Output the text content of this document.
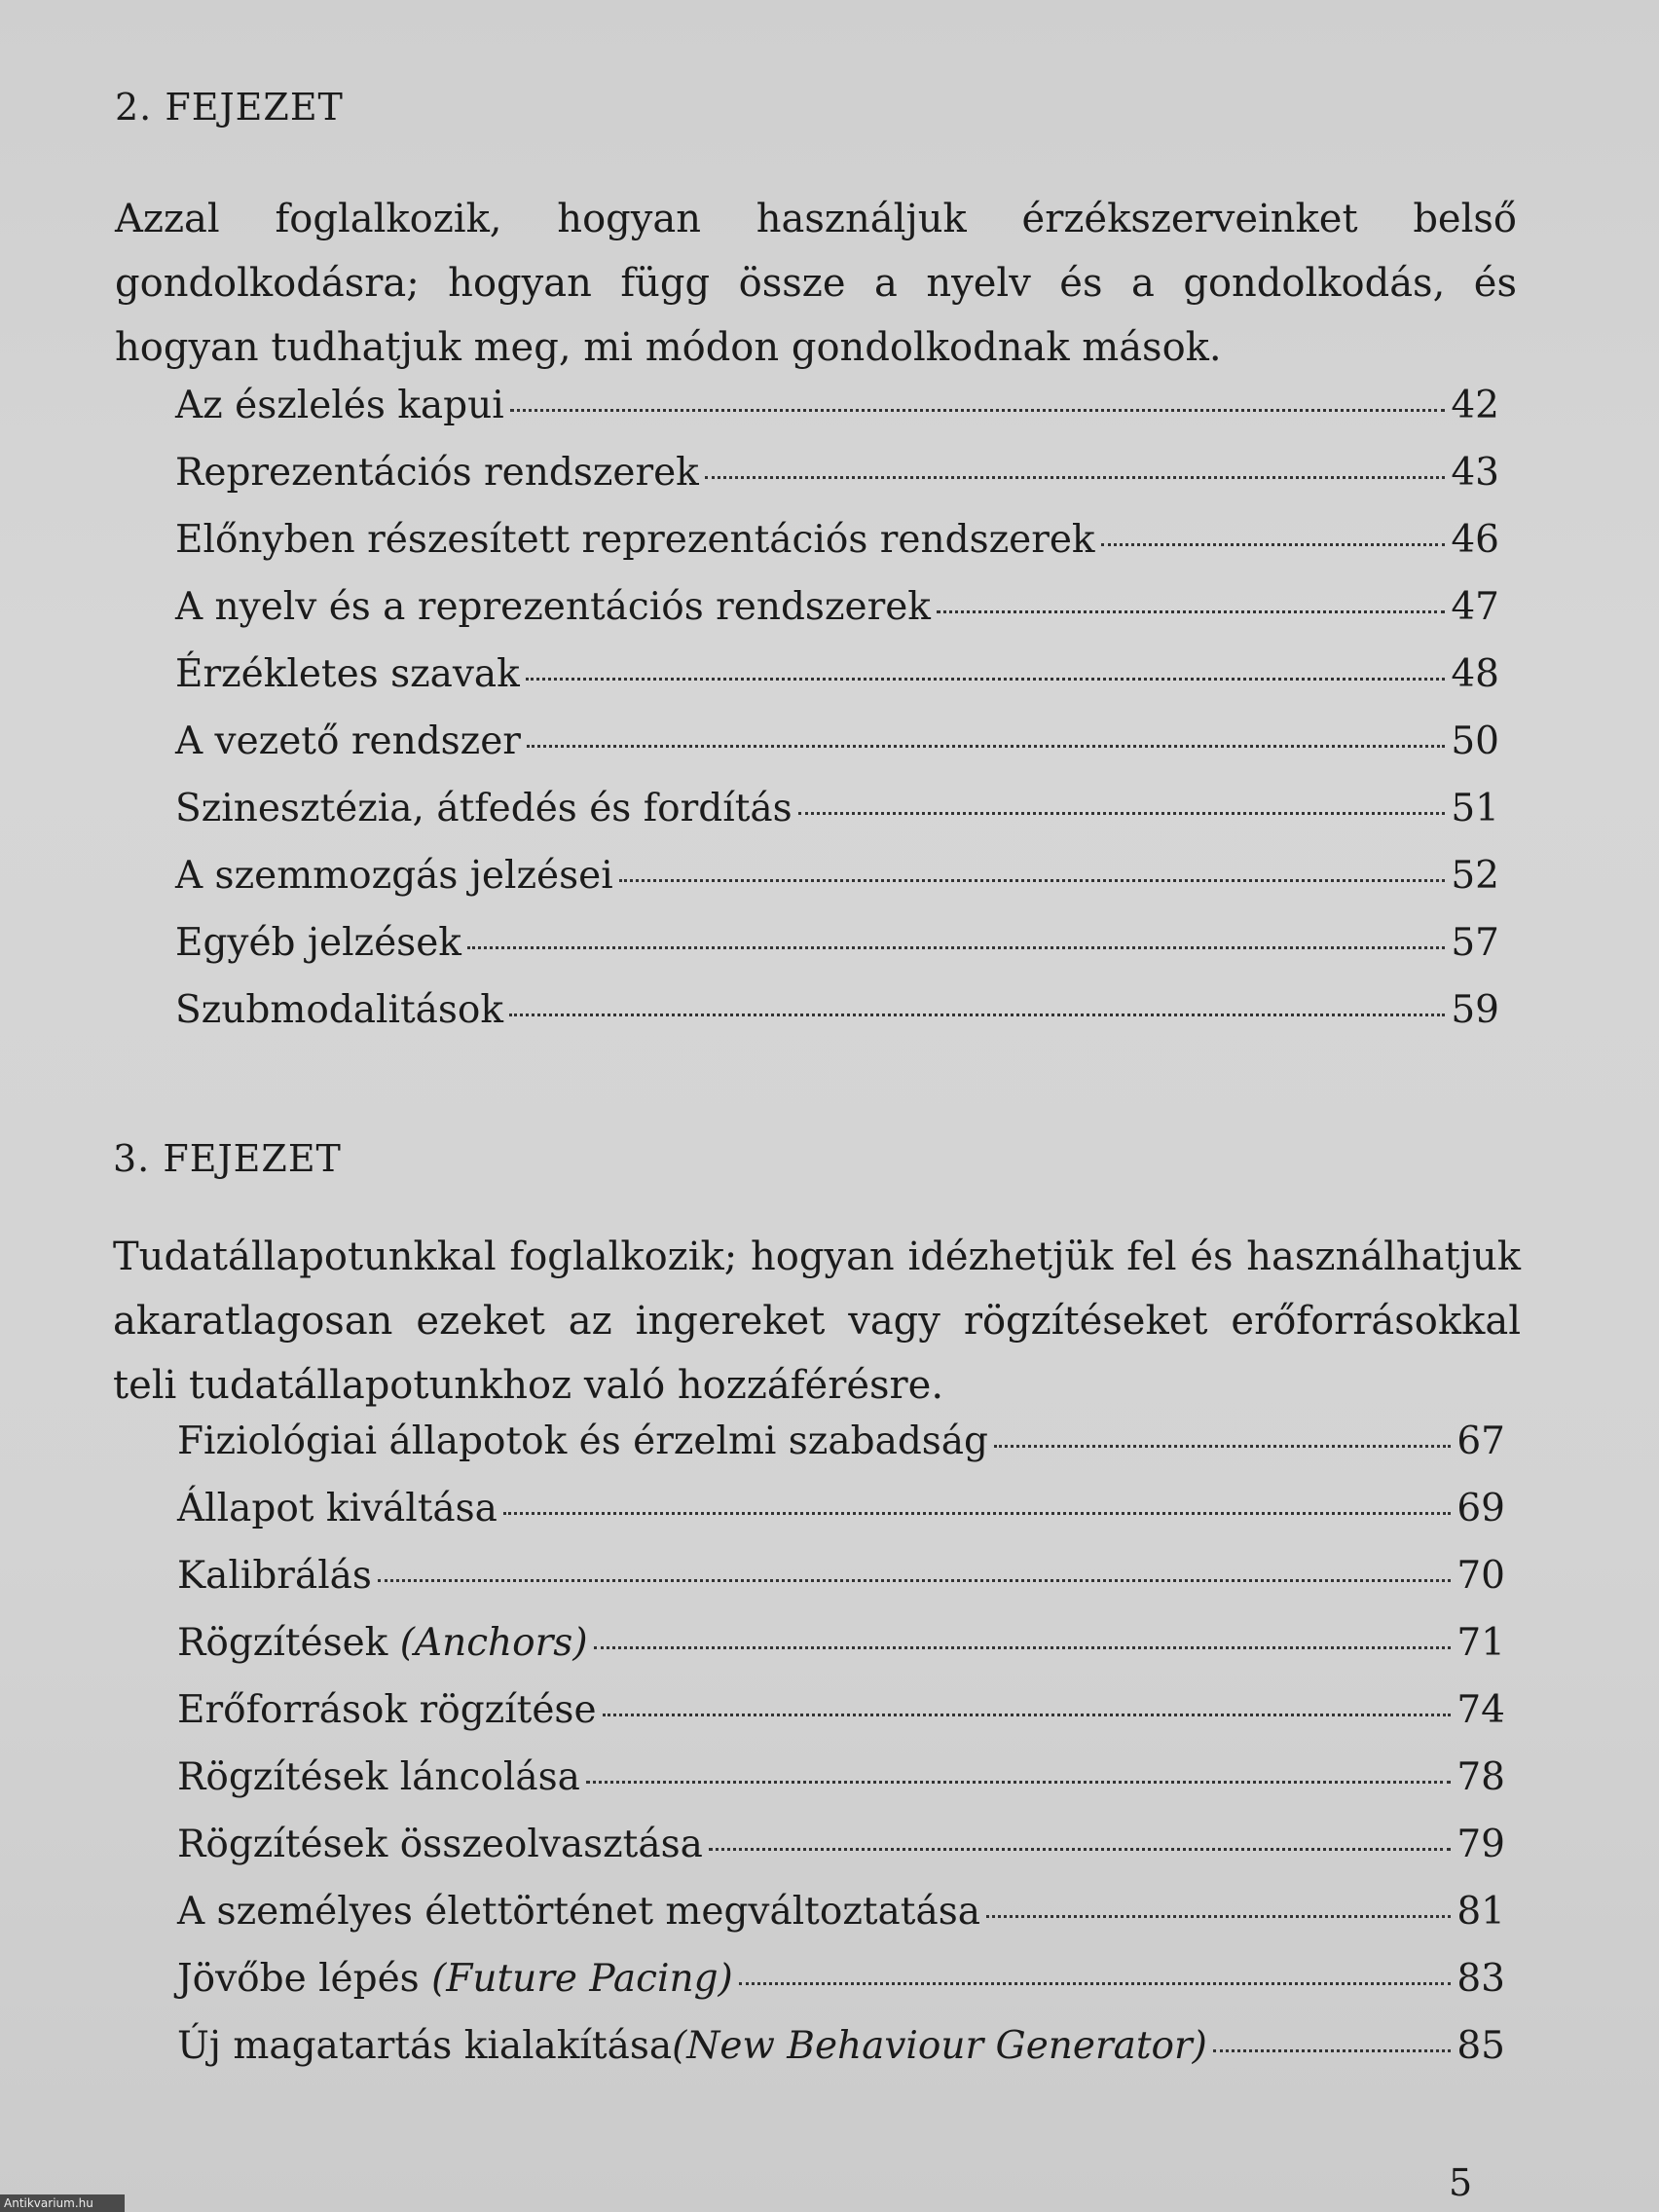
2. FEJEZET

Azzal foglalkozik, hogyan használjuk érzékszerveinket belső gondolkodásra; hogyan függ össze a nyelv és a gondolkodás, és hogyan tudhatjuk meg, mi módon gondolkodnak mások.

Az észlelés kapui	42
Reprezentációs rendszerek	43
Előnyben részesített reprezentációs rendszerek	46
A nyelv és a reprezentációs rendszerek	47
Érzékletes szavak	48
A vezető rendszer	50
Szinesztézia, átfedés és fordítás	51
A szemmozgás jelzései	52
Egyéb jelzések	57
Szubmodalitások	59
3. FEJEZET

Tudatállapotunkkal foglalkozik; hogyan idézhetjük fel és használhatjuk akaratlagosan ezeket az ingereket vagy rögzítéseket erőforrásokkal teli tudatállapotunkhoz való hozzáférésre.

Fiziológiai állapotok és érzelmi szabadság	67
Állapot kiváltása	69
Kalibrálás	70
Rögzítések (Anchors)	71
Erőforrások rögzítése	74
Rögzítések láncolása	78
Rögzítések összeolvasztása	79
A személyes élettörténet megváltoztatása	81
Jövőbe lépés (Future Pacing)	83
Új magatartás kialakítása(New Behaviour Generator)	85

5

Antikvarium.hu
